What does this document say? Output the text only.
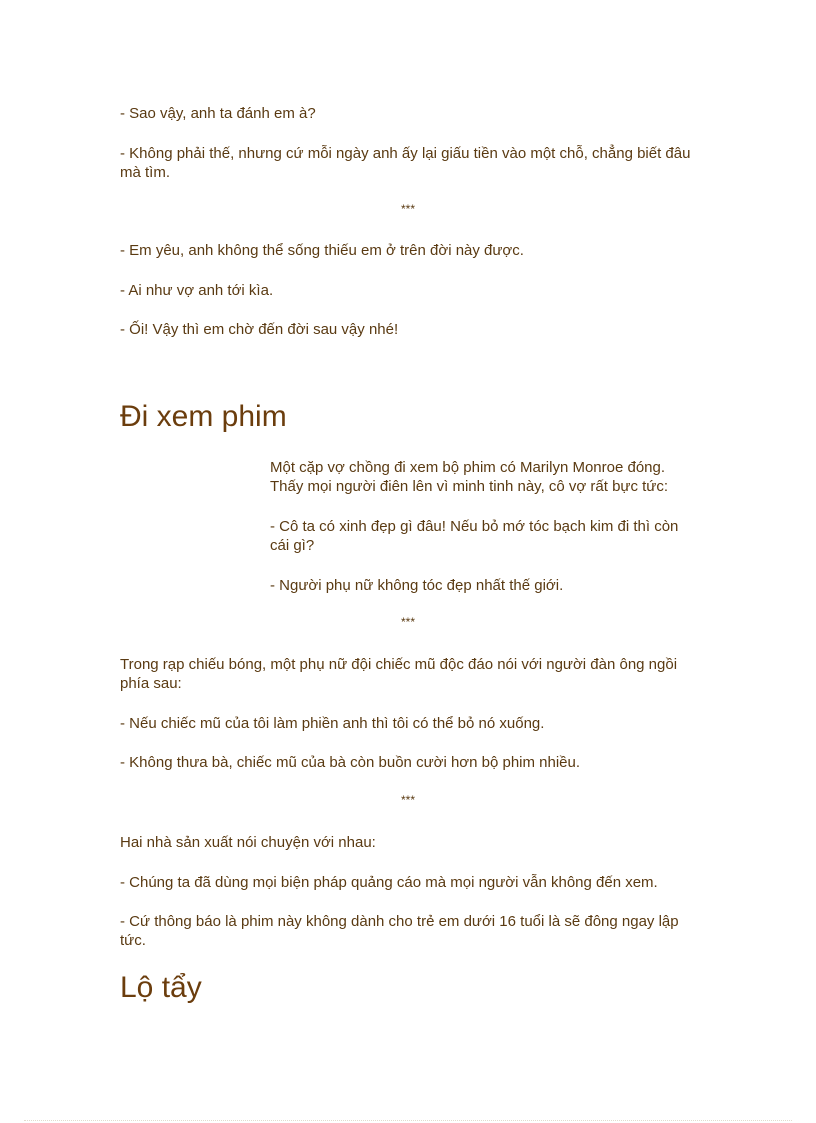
- Sao vậy, anh ta đánh em à?

- Không phải thế, nhưng cứ mỗi ngày anh ấy lại giấu tiền vào một chỗ, chẳng biết đâu mà tìm.

***

- Em yêu, anh không thể sống thiếu em ở trên đời này được.

- Ai như vợ anh tới kìa.

- Ối! Vậy thì em chờ đến đời sau vậy nhé!

Đi xem phim

Một cặp vợ chồng đi xem bộ phim có Marilyn Monroe đóng. Thấy mọi người điên lên vì minh tinh này, cô vợ rất bực tức:

- Cô ta có xinh đẹp gì đâu! Nếu bỏ mớ tóc bạch kim đi thì còn cái gì?

- Người phụ nữ không tóc đẹp nhất thế giới.

***

Trong rạp chiếu bóng, một phụ nữ đội chiếc mũ độc đáo nói với người đàn ông ngồi phía sau:

- Nếu chiếc mũ của tôi làm phiền anh thì tôi có thể bỏ nó xuống.

- Không thưa bà, chiếc mũ của bà còn buồn cười hơn bộ phim nhiều.

***

Hai nhà sản xuất nói chuyện với nhau:

- Chúng ta đã dùng mọi biện pháp quảng cáo mà mọi người vẫn không đến xem.

- Cứ thông báo là phim này không dành cho trẻ em dưới 16 tuổi là sẽ đông ngay lập tức.

Lộ tẩy
